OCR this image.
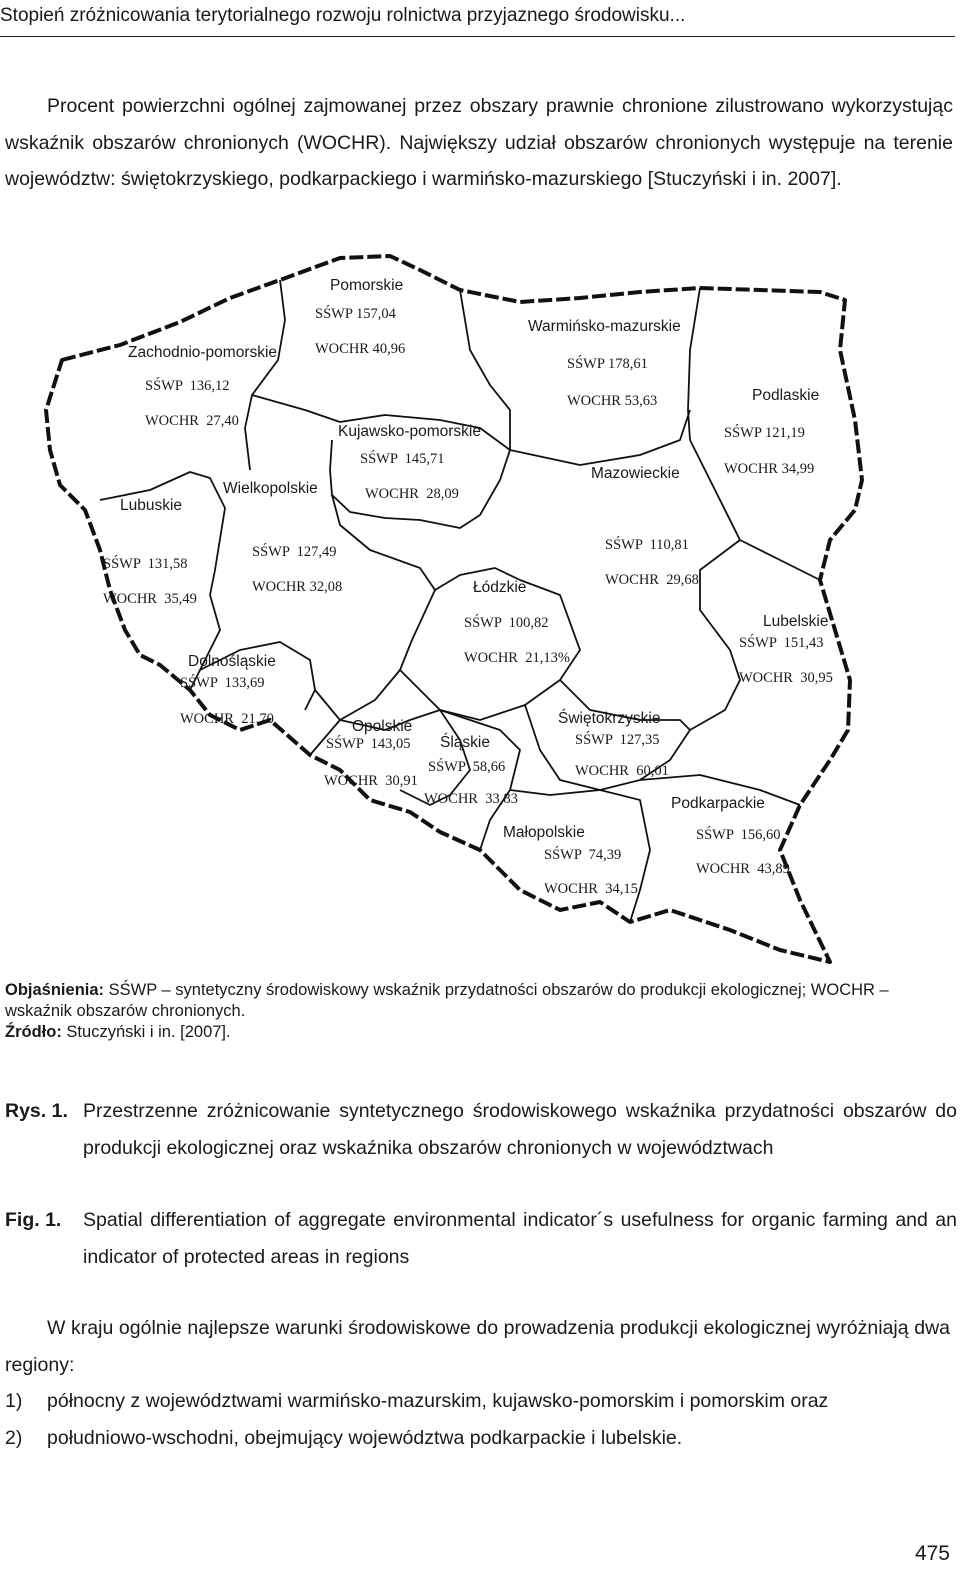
Stopień zróżnicowania terytorialnego rozwoju rolnictwa przyjaznego środowisku...

Procent powierzchni ogólnej zajmowanej przez obszary prawnie chronione zilustrowano wykorzystując wskaźnik obszarów chronionych (WOCHR). Największy udział obszarów chronionych występuje na terenie województw: świętokrzyskiego, podkarpackiego i warmińsko-mazurskiego [Stuczyński i in. 2007].

Pomorskie
SŚWP 157,04
WOCHR 40,96
Zachodnio-pomorskie
SŚWP  136,12
WOCHR  27,40
Warmińsko-mazurskie
SŚWP 178,61
WOCHR 53,63	Podlaskie
SŚWP 121,19
WOCHR 34,99
Kujawsko-pomorskie
SŚWP  145,71
WOCHR  28,09
Mazowieckie
SŚWP  110,81
WOCHR  29,68
Wielkopolskie
SŚWP  127,49
WOCHR 32,08
Lubuskie
SŚWP  131,58
WOCHR  35,49
Łódzkie
SŚWP  100,82
WOCHR  21,13%
Lubelskie
SŚWP  151,43
WOCHR  30,95
Dolnośląskie
SŚWP  133,69
WOCHR  21,70	Opolskie
SŚWP  143,05
WOCHR  30,91
Śląskie
SŚWP  58,66
WOCHR  33,83
Świętokrzyskie
SŚWP  127,35
WOCHR  60,01
Podkarpackie
SŚWP  156,60
WOCHR  43,89
Małopolskie
SŚWP  74,39
WOCHR  34,15

Objaśnienia: SŚWP – syntetyczny środowiskowy wskaźnik przydatności obszarów do produkcji ekologicznej; WOCHR – wskaźnik obszarów chronionych.

Źródło: Stuczyński i in. [2007].

Rys. 1. Przestrzenne zróżnicowanie syntetycznego środowiskowego wskaźnika przydatności obszarów do produkcji ekologicznej oraz wskaźnika obszarów chronionych w województwach
Fig. 1.	Spatial differentiation of aggregate environmental indicator´s usefulness for organic farming and an indicator of protected areas in regions

W kraju ogólnie najlepsze warunki środowiskowe do prowadzenia produkcji ekologicznej wyróżniają dwa regiony:

1) północny z województwami warmińsko-mazurskim, kujawsko-pomorskim i pomorskim oraz

2) południowo-wschodni, obejmujący województwa podkarpackie i lubelskie.

475
